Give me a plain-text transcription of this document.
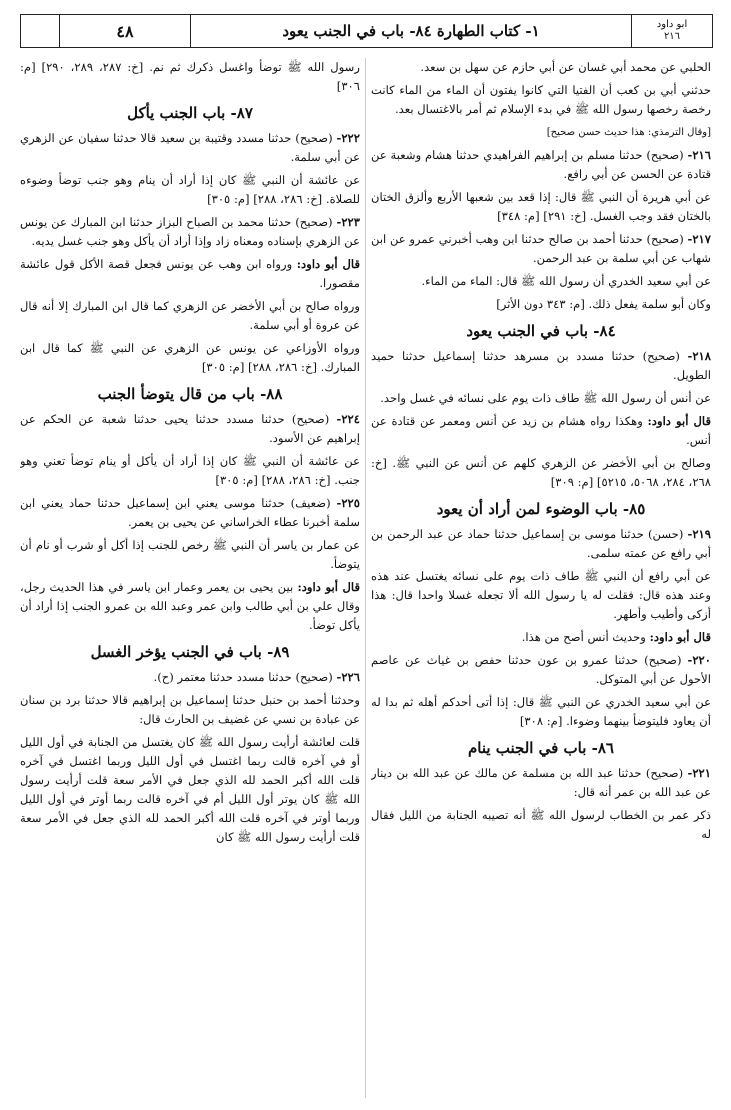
ابو داود
٢١٦
١- كتاب الطهارة ٨٤- باب في الجنب يعود
٤٨

الحلبي عن محمد أبي غسان عن أبي حازم عن سهل بن سعد.

حدثني أبي بن كعب أن الفتيا التي كانوا يفتون أن الماء من الماء كانت رخصة رخصها رسول الله ﷺ في بدء الإسلام ثم أمر بالاغتسال بعد.

[وقال الترمذي: هذا حديث حسن صحيح]

٢١٦- (صحيح) حدثنا مسلم بن إبراهيم الفراهيدي حدثنا هشام وشعبة عن قتادة عن الحسن عن أبي رافع.

عن أبي هريرة أن النبي ﷺ قال: إذا قعد بين شعبها الأربع وألزق الختان بالختان فقد وجب الغسل. [خ: ٢٩١] [م: ٣٤٨]

٢١٧- (صحيح) حدثنا أحمد بن صالح حدثنا ابن وهب أخبرني عمرو عن ابن شهاب عن أبي سلمة بن عبد الرحمن.

عن أبي سعيد الخدري أن رسول الله ﷺ قال: الماء من الماء.

وكان أبو سلمة يفعل ذلك. [م: ٣٤٣ دون الأثر]

٨٤- باب في الجنب يعود

٢١٨- (صحيح) حدثنا مسدد بن مسرهد حدثنا إسماعيل حدثنا حميد الطويل.

عن أنس أن رسول الله ﷺ طاف ذات يوم على نسائه في غسل واحد.

قال أبو داود: وهكذا رواه هشام بن زيد عن أنس ومعمر عن قتادة عن أنس.

وصالح بن أبي الأخضر عن الزهري كلهم عن أنس عن النبي ﷺ. [خ: ٢٦٨، ٢٨٤، ٥٠٦٨، ٥٢١٥] [م: ٣٠٩]

٨٥- باب الوضوء لمن أراد أن يعود

٢١٩- (حسن) حدثنا موسى بن إسماعيل حدثنا حماد عن عبد الرحمن بن أبي رافع عن عمته سلمى.

عن أبي رافع أن النبي ﷺ طاف ذات يوم على نسائه يغتسل عند هذه وعند هذه قال: فقلت له يا رسول الله ألا تجعله غسلا واحدا قال: هذا أزكى وأطيب وأطهر.

قال أبو داود: وحديث أنس أصح من هذا.

٢٢٠- (صحيح) حدثنا عمرو بن عون حدثنا حفص بن غياث عن عاصم الأحول عن أبي المتوكل.

عن أبي سعيد الخدري عن النبي ﷺ قال: إذا أتى أحدكم أهله ثم بدا له أن يعاود فليتوضأ بينهما وضوءا. [م: ٣٠٨]

٨٦- باب في الجنب ينام

٢٢١- (صحيح) حدثنا عبد الله بن مسلمة عن مالك عن عبد الله بن دينار عن عبد الله بن عمر أنه قال:

ذكر عمر بن الخطاب لرسول الله ﷺ أنه تصيبه الجنابة من الليل فقال له

رسول الله ﷺ توضأ واغسل ذكرك ثم نم. [خ: ٢٨٧، ٢٨٩، ٢٩٠] [م: ٣٠٦]

٨٧- باب الجنب يأكل

٢٢٢- (صحيح) حدثنا مسدد وقتيبة بن سعيد قالا حدثنا سفيان عن الزهري عن أبي سلمة.

عن عائشة أن النبي ﷺ كان إذا أراد أن ينام وهو جنب توضأ وضوءه للصلاة. [خ: ٢٨٦، ٢٨٨] [م: ٣٠٥]

٢٢٣- (صحيح) حدثنا محمد بن الصباح البزاز حدثنا ابن المبارك عن يونس عن الزهري بإسناده ومعناه زاد وإذا أراد أن يأكل وهو جنب غسل يديه.

قال أبو داود: ورواه ابن وهب عن يونس فجعل قصة الأكل قول عائشة مقصورا.

ورواه صالح بن أبي الأخضر عن الزهري كما قال ابن المبارك إلا أنه قال عن عروة أو أبي سلمة.

ورواه الأوزاعي عن يونس عن الزهري عن النبي ﷺ كما قال ابن المبارك. [خ: ٢٨٦، ٢٨٨] [م: ٣٠٥]

٨٨- باب من قال يتوضأ الجنب

٢٢٤- (صحيح) حدثنا مسدد حدثنا يحيى حدثنا شعبة عن الحكم عن إبراهيم عن الأسود.

عن عائشة أن النبي ﷺ كان إذا أراد أن يأكل أو ينام توضأ تعني وهو جنب. [خ: ٢٨٦، ٢٨٨] [م: ٣٠٥]

٢٢٥- (ضعيف) حدثنا موسى يعني ابن إسماعيل حدثنا حماد يعني ابن سلمة أخبرنا عطاء الخراساني عن يحيى بن يعمر.

عن عمار بن ياسر أن النبي ﷺ رخص للجنب إذا أكل أو شرب أو نام أن يتوضأ.

قال أبو داود: بين يحيى بن يعمر وعمار ابن ياسر في هذا الحديث رجل، وقال علي بن أبي طالب وابن عمر وعبد الله بن عمرو الجنب إذا أراد أن يأكل توضأ.

٨٩- باب في الجنب يؤخر الغسل

٢٢٦- (صحيح) حدثنا مسدد حدثنا معتمر (ح).

وحدثنا أحمد بن حنبل حدثنا إسماعيل بن إبراهيم قالا حدثنا برد بن سنان عن عبادة بن نسي عن غضيف بن الحارث قال:

قلت لعائشة أرأيت رسول الله ﷺ كان يغتسل من الجنابة في أول الليل أو في آخره قالت ربما اغتسل في أول الليل وربما اغتسل في آخره قلت الله أكبر الحمد لله الذي جعل في الأمر سعة قلت أرأيت رسول الله ﷺ كان يوتر أول الليل أم في آخره قالت ربما أوتر في أول الليل وربما أوتر في آخره قلت الله أكبر الحمد لله الذي جعل في الأمر سعة قلت أرأيت رسول الله ﷺ كان
